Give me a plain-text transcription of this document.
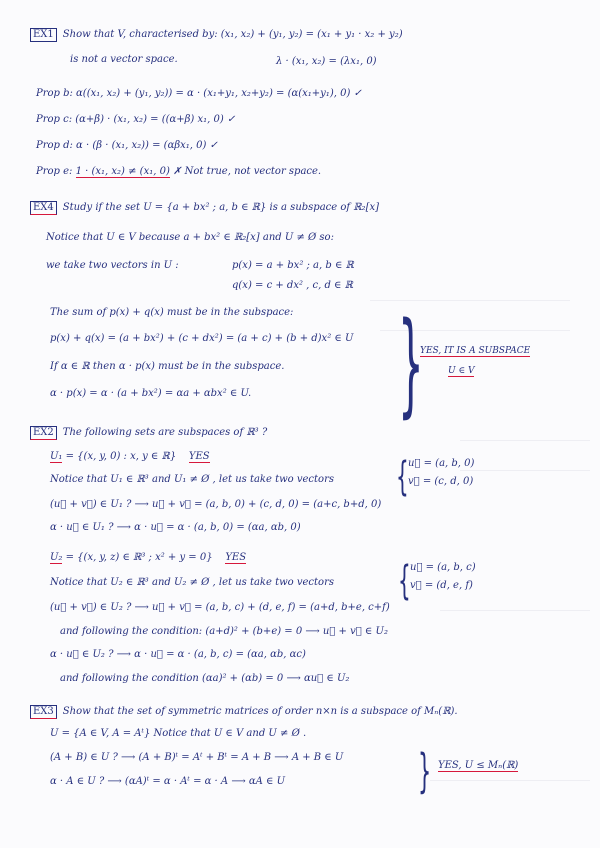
EX1 Show that V, characterised by: (x₁, x₂) + (y₁, y₂) = (x₁ + y₁ · x₂ + y₂)
is not a vector space.	λ · (x₁, x₂) = (λx₁, 0)
Prop b: α((x₁, x₂) + (y₁, y₂)) = α · (x₁+y₁, x₂+y₂) = (α(x₁+y₁), 0) ✓
Prop c: (α+β) · (x₁, x₂) = ((α+β) x₁, 0) ✓
Prop d: α · (β · (x₁, x₂)) = (αβx₁, 0) ✓
Prop e: 1 · (x₁, x₂) ≠ (x₁, 0) ✗ Not true, not vector space.
EX4 Study if the set U = {a + bx² ; a, b ∈ ℝ} is a subspace of ℝ₂[x]
Notice that U ∈ V because a + bx² ∈ ℝ₂[x] and U ≠ Ø so:
we take two vectors in U :	p(x) = a + bx² ; a, b ∈ ℝ
q(x) = c + dx² , c, d ∈ ℝ
The sum of p(x) + q(x) must be in the subspace:
p(x) + q(x) = (a + bx²) + (c + dx²) = (a + c) + (b + d)x² ∈ U
If α ∈ ℝ then α · p(x) must be in the subspace.
α · p(x) = α · (a + bx²) = αa + αbx² ∈ U. }
YES, IT IS A SUBSPACE
U ∈ V
EX2 The following sets are subspaces of ℝ³ ?
U₁ = {(x, y, 0) : x, y ∈ ℝ} YES
Notice that U₁ ∈ ℝ³ and U₁ ≠ Ø , let us take two vectors { u⃗ = (a, b, 0)
v⃗ = (c, d, 0)
(u⃗ + v⃗) ∈ U₁ ? ⟶ u⃗ + v⃗ = (a, b, 0) + (c, d, 0) = (a+c, b+d, 0)
α · u⃗ ∈ U₁ ? ⟶ α · u⃗ = α · (a, b, 0) = (αa, αb, 0)
U₂ = {(x, y, z) ∈ ℝ³ ; x² + y = 0} YES
Notice that U₂ ∈ ℝ³ and U₂ ≠ Ø , let us take two vectors { u⃗ = (a, b, c)
v⃗ = (d, e, f)
(u⃗ + v⃗) ∈ U₂ ? ⟶ u⃗ + v⃗ = (a, b, c) + (d, e, f) = (a+d, b+e, c+f)
and following the condition: (a+d)² + (b+e) = 0 ⟶ u⃗ + v⃗ ∈ U₂
α · u⃗ ∈ U₂ ? ⟶ α · u⃗ = α · (a, b, c) = (αa, αb, αc)
and following the condition (αa)² + (αb) = 0 ⟶ αu⃗ ∈ U₂
EX3 Show that the set of symmetric matrices of order n×n is a subspace of Mₙ(ℝ).
U = {A ∈ V, A = Aᵗ} Notice that U ∈ V and U ≠ Ø .
(A + B) ∈ U ? ⟶ (A + B)ᵗ = Aᵗ + Bᵗ = A + B ⟶ A + B ∈ U
α · A ∈ U ? ⟶ (αA)ᵗ = α · Aᵗ = α · A ⟶ αA ∈ U	} YES, U ≤ Mₙ(ℝ)
